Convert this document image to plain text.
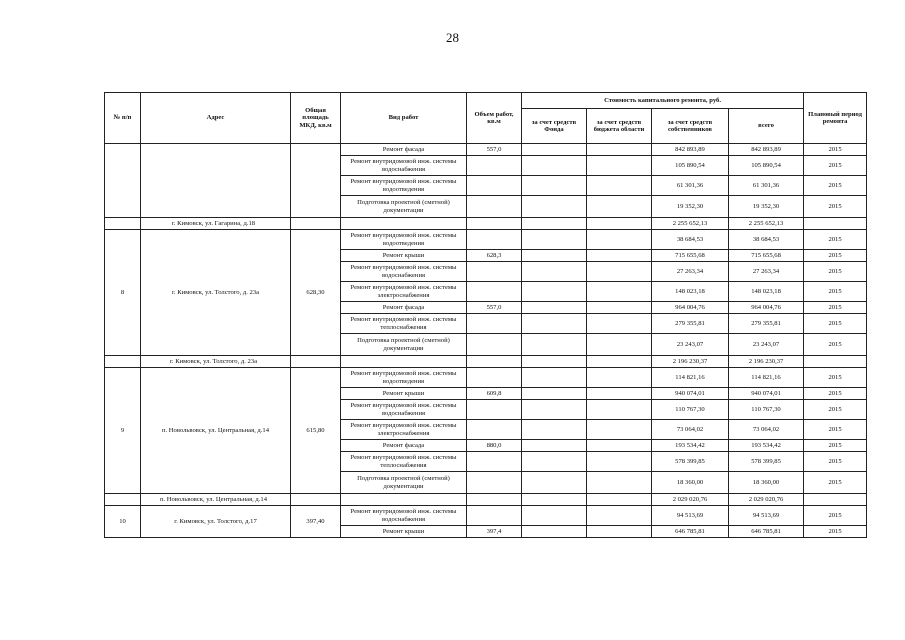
28
№ п/п	Адрес	Общая площадь МКД, кв.м	Вид работ	Объем работ, кв.м	Стоимость капитального ремонта, руб.				Плановый период ремонта
					за счет средств Фонда	за счет средств бюджета области	за счет средств собственников	всего	
			Ремонт фасада	557,0			842 893,89	842 893,89	2015
			Ремонт внутридомовой инж. системы водоснабжения				105 890,54	105 890,54	2015
			Ремонт внутридомовой инж. системы водоотведения				61 301,36	61 301,36	2015
			Подготовка проектной (сметной) документации				19 352,30	19 352,30	2015
	г. Кимовск, ул. Гагарина, д.18						2 255 652,13	2 255 652,13	
8	г. Кимовск, ул. Толстого, д. 23а	628,30	Ремонт внутридомовой инж. системы водоотведения				38 684,53	38 684,53	2015
			Ремонт крыши	628,3			715 655,68	715 655,68	2015
			Ремонт внутридомовой инж. системы водоснабжения				27 263,34	27 263,34	2015
			Ремонт внутридомовой инж. системы электроснабжения				148 023,18	148 023,18	2015
			Ремонт фасада	557,0			964 004,76	964 004,76	2015
			Ремонт внутридомовой инж. системы теплоснабжения				279 355,81	279 355,81	2015
			Подготовка проектной (сметной) документации				23 243,07	23 243,07	2015
	г. Кимовск, ул. Толстого, д. 23а						2 196 230,37	2 196 230,37	
9	п. Новольвовск, ул. Центральная, д.14	615,80	Ремонт внутридомовой инж. системы водоотведения				114 821,16	114 821,16	2015
			Ремонт крыши	609,8			940 074,01	940 074,01	2015
			Ремонт внутридомовой инж. системы водоснабжения				110 767,30	110 767,30	2015
			Ремонт внутридомовой инж. системы электроснабжения				73 064,02	73 064,02	2015
			Ремонт фасада	880,0			193 534,42	193 534,42	2015
			Ремонт внутридомовой инж. системы теплоснабжения				578 399,85	578 399,85	2015
			Подготовка проектной (сметной) документации				18 360,00	18 360,00	2015
	п. Новольвовск, ул. Центральная, д.14						2 029 020,76	2 029 020,76	
10	г. Кимовск, ул. Толстого, д.17	397,40	Ремонт внутридомовой инж. системы водоснабжения				94 513,69	94 513,69	2015
			Ремонт крыши	397,4			646 785,81	646 785,81	2015
